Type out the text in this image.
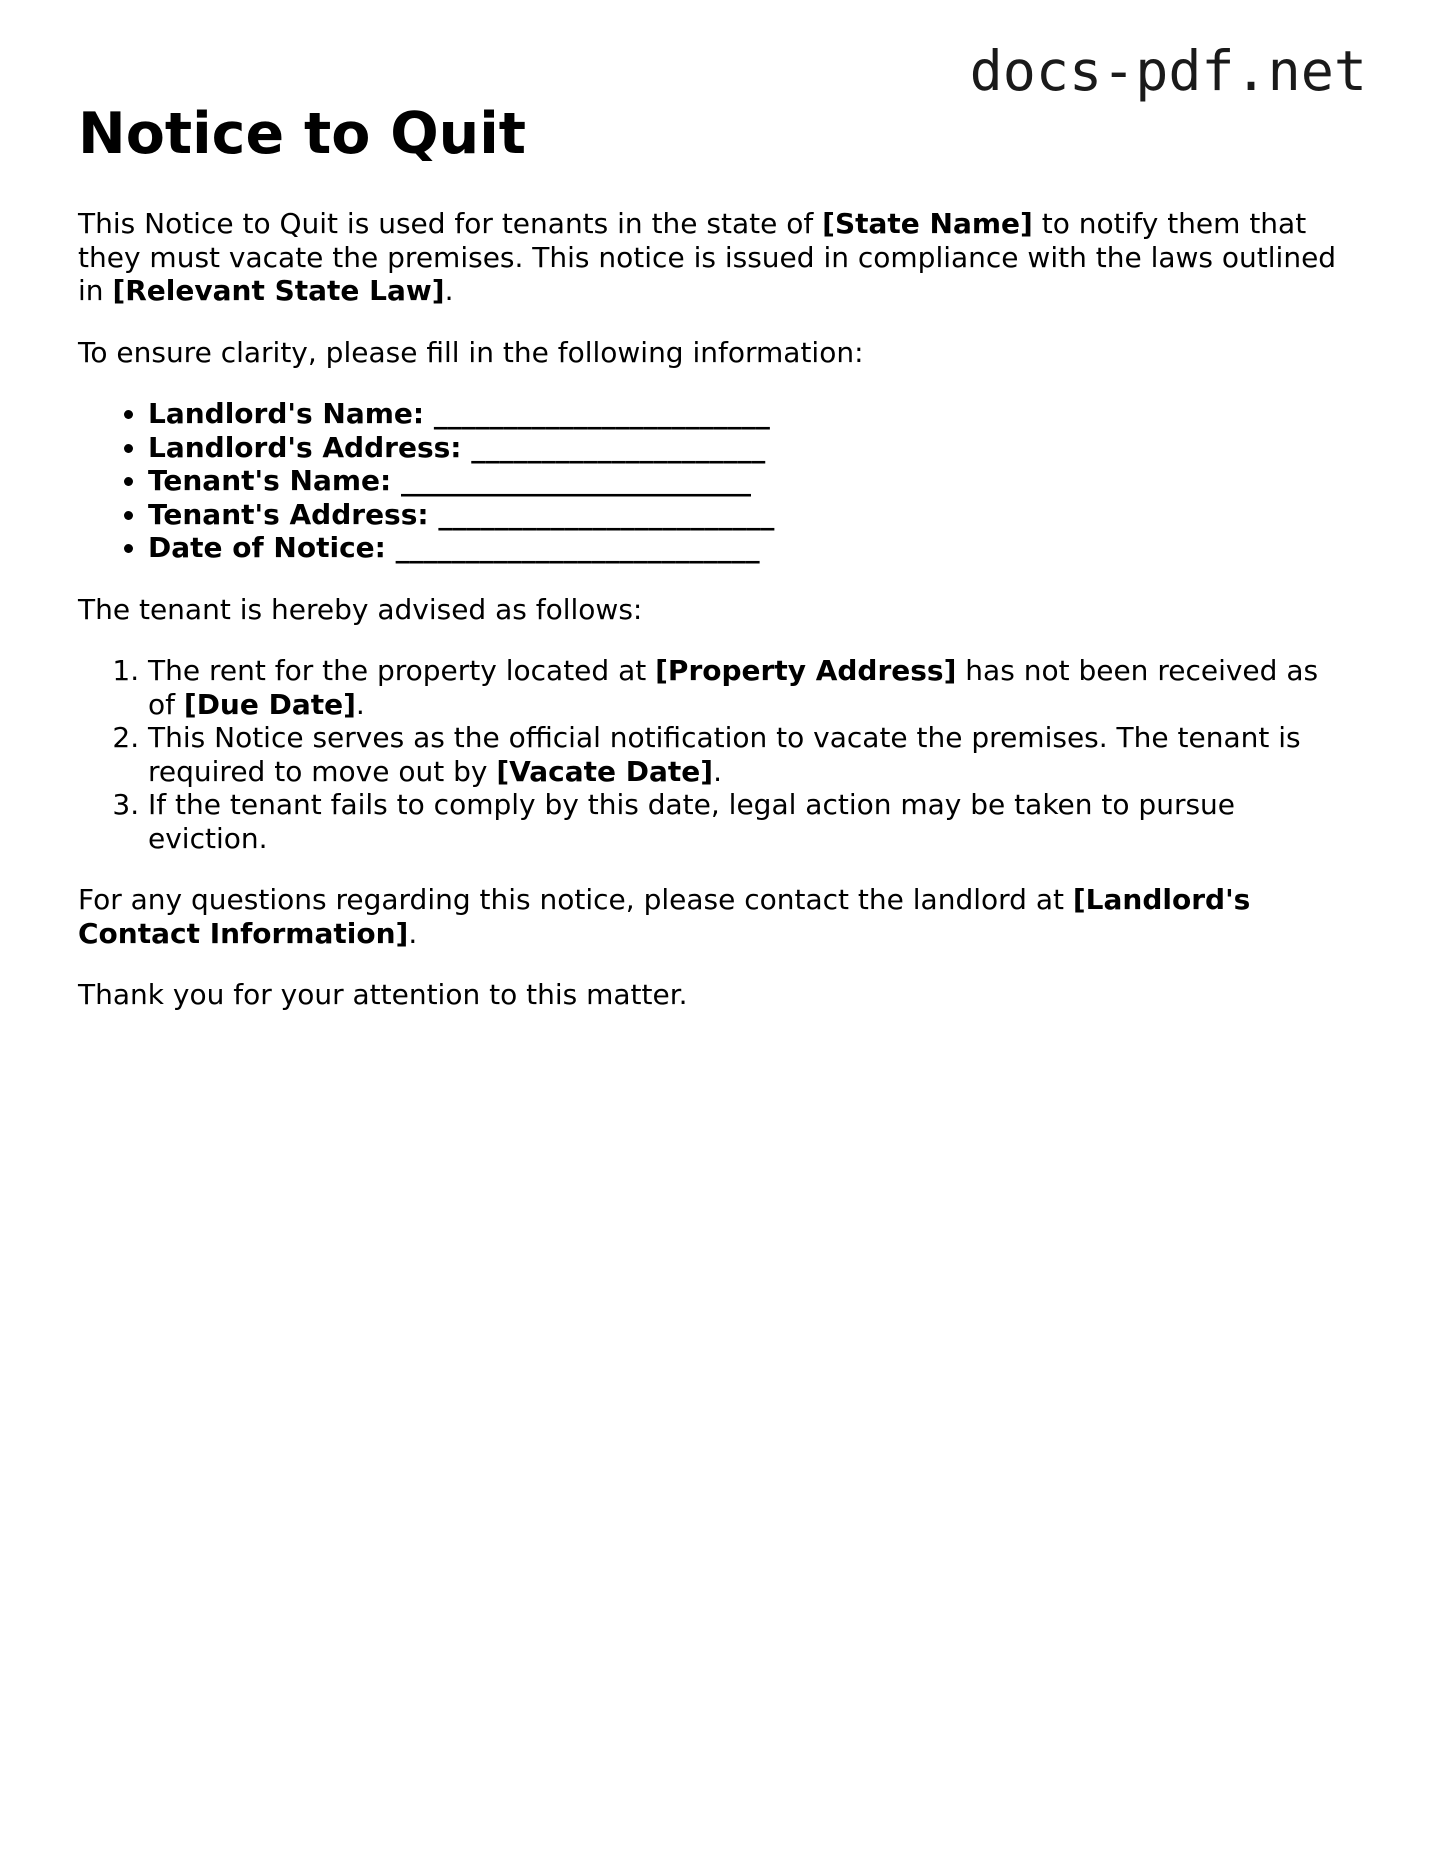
docs-pdf.net
Notice to Quit

This Notice to Quit is used for tenants in the state of [State Name] to notify them that they must vacate the premises. This notice is issued in compliance with the laws outlined in [Relevant State Law].

To ensure clarity, please fill in the following information:

• Landlord's Name: ________________________
• Landlord's Address: _____________________
• Tenant's Name: _________________________
• Tenant's Address: ________________________
• Date of Notice: __________________________

The tenant is hereby advised as follows:

1. The rent for the property located at [Property Address] has not been received as of [Due Date].
2. This Notice serves as the official notification to vacate the premises. The tenant is required to move out by [Vacate Date].
3. If the tenant fails to comply by this date, legal action may be taken to pursue eviction.

For any questions regarding this notice, please contact the landlord at [Landlord's Contact Information].

Thank you for your attention to this matter.
